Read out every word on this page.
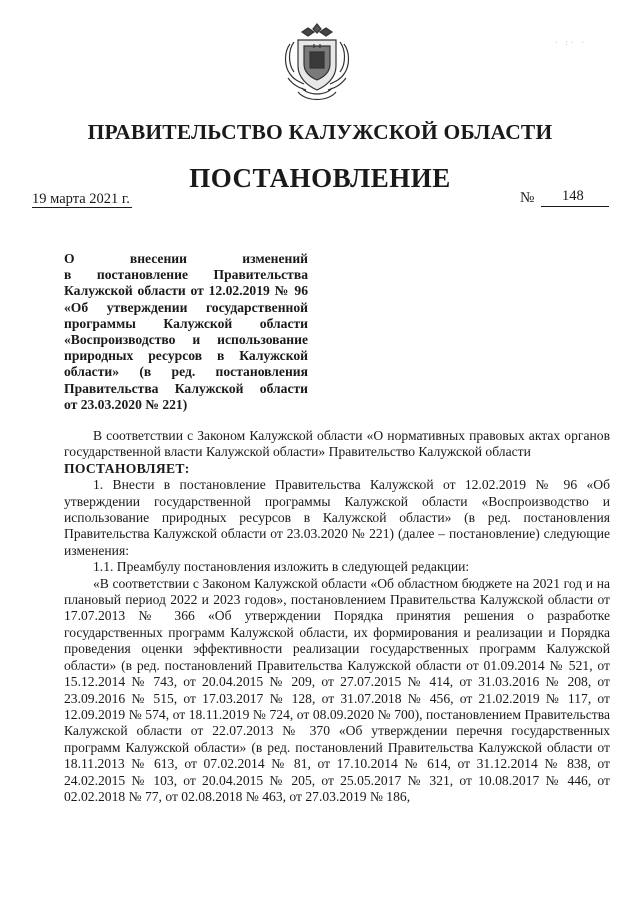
· :· ·
ПРАВИТЕЛЬСТВО КАЛУЖСКОЙ ОБЛАСТИ
ПОСТАНОВЛЕНИЕ
19 марта 2021 г.	№ 148
О внесении изменений
в постановление Правительства
Калужской области от 12.02.2019 № 96
«Об утверждении государственной
программы Калужской области
«Воспроизводство и использование
природных ресурсов в Калужской
области» (в ред. постановления
Правительства Калужской области
от 23.03.2020 № 221)

В соответствии с Законом Калужской области «О нормативных правовых актах органов государственной власти Калужской области» Правительство Калужской области

ПОСТАНОВЛЯЕТ:

1. Внести в постановление Правительства Калужской от 12.02.2019 № 96 «Об утверждении государственной программы Калужской области «Воспроизводство и использование природных ресурсов в Калужской области» (в ред. постановления Правительства Калужской области от 23.03.2020 № 221) (далее – постановление) следующие изменения:

1.1. Преамбулу постановления изложить в следующей редакции:

«В соответствии с Законом Калужской области «Об областном бюджете на 2021 год и на плановый период 2022 и 2023 годов», постановлением Правительства Калужской области от 17.07.2013 № 366 «Об утверждении Порядка принятия решения о разработке государственных программ Калужской области, их формирования и реализации и Порядка проведения оценки эффективности реализации государственных программ Калужской области» (в ред. постановлений Правительства Калужской области от 01.09.2014 № 521, от 15.12.2014 № 743, от 20.04.2015 № 209, от 27.07.2015 № 414, от 31.03.2016 № 208, от 23.09.2016 № 515, от 17.03.2017 № 128, от 31.07.2018 № 456, от 21.02.2019 № 117, от 12.09.2019 № 574, от 18.11.2019 № 724, от 08.09.2020 № 700), постановлением Правительства Калужской области от 22.07.2013 № 370 «Об утверждении перечня государственных программ Калужской области» (в ред. постановлений Правительства Калужской области от 18.11.2013 № 613, от 07.02.2014 № 81, от 17.10.2014 № 614, от 31.12.2014 № 838, от 24.02.2015 № 103, от 20.04.2015 № 205, от 25.05.2017 № 321, от 10.08.2017 № 446, от 02.02.2018 № 77, от 02.08.2018 № 463, от 27.03.2019 № 186,
